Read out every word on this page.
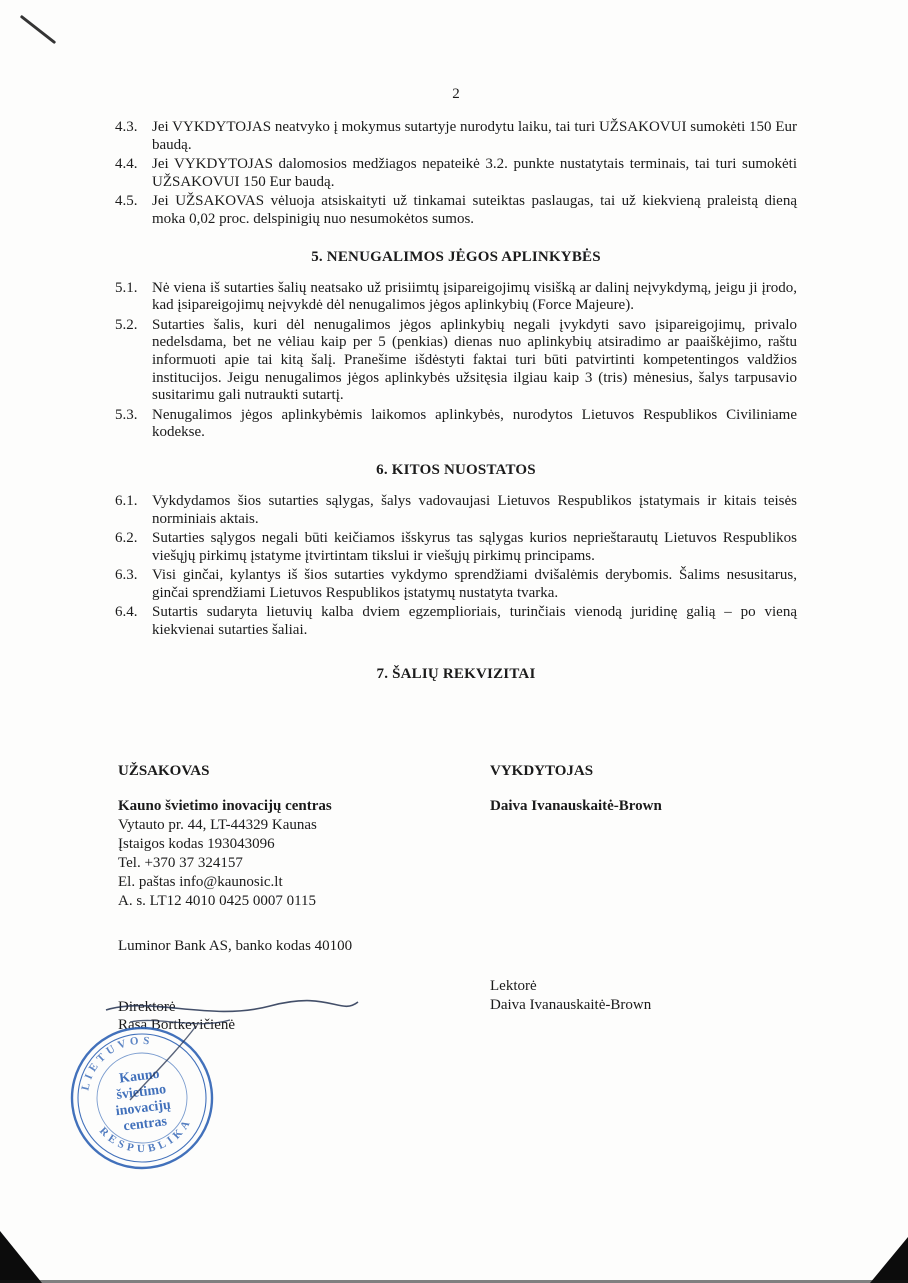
2
4.3. Jei VYKDYTOJAS neatvyko į mokymus sutartyje nurodytu laiku, tai turi UŽSAKOVUI sumokėti 150 Eur baudą.
4.4. Jei VYKDYTOJAS dalomosios medžiagos nepateikė 3.2. punkte nustatytais terminais, tai turi sumokėti UŽSAKOVUI 150 Eur baudą.
4.5. Jei UŽSAKOVAS vėluoja atsiskaityti už tinkamai suteiktas paslaugas, tai už kiekvieną praleistą dieną moka 0,02 proc. delspinigių nuo nesumokėtos sumos.
5. NENUGALIMOS JĖGOS APLINKYBĖS
5.1. Nė viena iš sutarties šalių neatsako už prisiimtų įsipareigojimų visišką ar dalinį neįvykdymą, jeigu ji įrodo, kad įsipareigojimų neįvykdė dėl nenugalimos jėgos aplinkybių (Force Majeure).
5.2. Sutarties šalis, kuri dėl nenugalimos jėgos aplinkybių negali įvykdyti savo įsipareigojimų, privalo nedelsdama, bet ne vėliau kaip per 5 (penkias) dienas nuo aplinkybių atsiradimo ar paaiškėjimo, raštu informuoti apie tai kitą šalį. Pranešime išdėstyti faktai turi būti patvirtinti kompetentingos valdžios institucijos. Jeigu nenugalimos jėgos aplinkybės užsitęsia ilgiau kaip 3 (tris) mėnesius, šalys tarpusavio susitarimu gali nutraukti sutartį.
5.3. Nenugalimos jėgos aplinkybėmis laikomos aplinkybės, nurodytos Lietuvos Respublikos Civiliniame kodekse.
6. KITOS NUOSTATOS
6.1. Vykdydamos šios sutarties sąlygas, šalys vadovaujasi Lietuvos Respublikos įstatymais ir kitais teisės norminiais aktais.
6.2. Sutarties sąlygos negali būti keičiamos išskyrus tas sąlygas kurios neprieštarautų Lietuvos Respublikos viešųjų pirkimų įstatyme įtvirtintam tikslui ir viešųjų pirkimų principams.
6.3. Visi ginčai, kylantys iš šios sutarties vykdymo sprendžiami dvišalėmis derybomis. Šalims nesusitarus, ginčai sprendžiami Lietuvos Respublikos įstatymų nustatyta tvarka.
6.4. Sutartis sudaryta lietuvių kalba dviem egzemplioriais, turinčiais vienodą juridinę galią – po vieną kiekvienai sutarties šaliai.
7. ŠALIŲ REKVIZITAI
UŽSAKOVAS	VYKDYTOJAS
Kauno švietimo inovacijų centras
Vytauto pr. 44, LT-44329 Kaunas
Įstaigos kodas 193043096
Tel. +370 37 324157
El. paštas info@kaunosic.lt
A. s. LT12 4010 0425 0007 0115
Luminor Bank AS, banko kodas 40100
Daiva Ivanauskaitė-Brown
Lektorė
Daiva Ivanauskaitė-Brown
Direktorė
Rasa Bortkevičienė
LIETUVOS
RESPUBLIKA
Kauno
švietimo
inovacijų
centras
